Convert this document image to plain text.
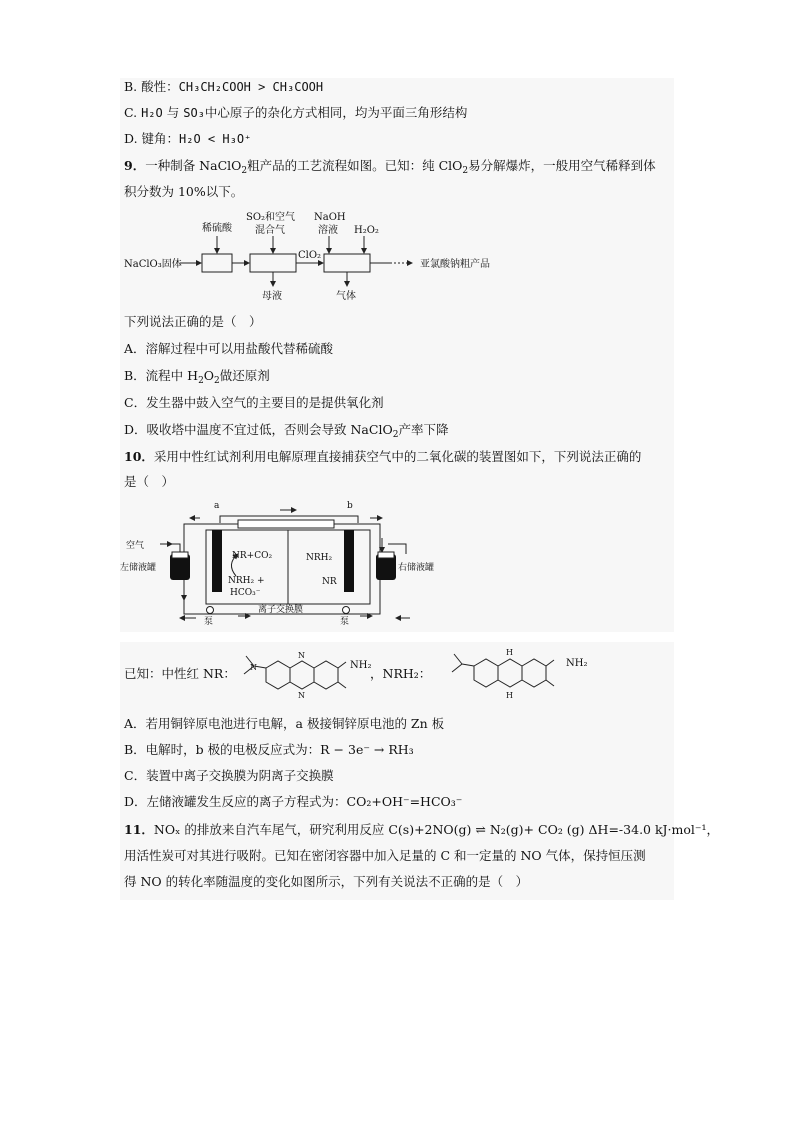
B. 酸性：CH₃CH₂COOH > CH₃COOH
C. H₂O 与 SO₃中心原子的杂化方式相同，均为平面三角形结构
D. 键角：H₂O < H₃O⁺
9．一种制备 NaClO$_2$粗产品的工艺流程如图。已知：纯 ClO$_2$易分解爆炸，一般用空气稀释到体
积分数为 10%以下。
NaClO₃固体
稀硫酸
SO₂和空气
混合气
NaOH
溶液 H₂O₂
ClO₂
母液	气体
亚氯酸钠粗产品
下列说法正确的是（　）
A．溶解过程中可以用盐酸代替稀硫酸
B．流程中 $H_2O_2$做还原剂
C．发生器中鼓入空气的主要目的是提供氧化剂
D．吸收塔中温度不宜过低，否则会导致 NaClO$_2$产率下降
10．采用中性红试剂利用电解原理直接捕获空气中的二氧化碳的装置图如下，下列说法正确的
是（　）
a	b
空气
左储液罐	右储液罐
NR+CO₂
NRH₂ +
HCO₃⁻
NRH₂
NR
离子交换膜
泵	泵
已知：中性红 NR：
N
N
N	NH₂
，NRH₂：
H
H
NH₂
A．若用铜锌原电池进行电解，a 极接铜锌原电池的 Zn 板
B．电解时，b 极的电极反应式为：R − 3e⁻ → RH₃
C．装置中离子交换膜为阴离子交换膜
D．左储液罐发生反应的离子方程式为：CO₂+OH⁻=HCO₃⁻
11．NOₓ 的排放来自汽车尾气，研究利用反应 C(s)+2NO(g) ⇌ N₂(g)+ CO₂ (g) ΔH=-34.0 kJ·mol⁻¹，
用活性炭可对其进行吸附。已知在密闭容器中加入足量的 C 和一定量的 NO 气体，保持恒压测
得 NO 的转化率随温度的变化如图所示，下列有关说法不正确的是（　）
